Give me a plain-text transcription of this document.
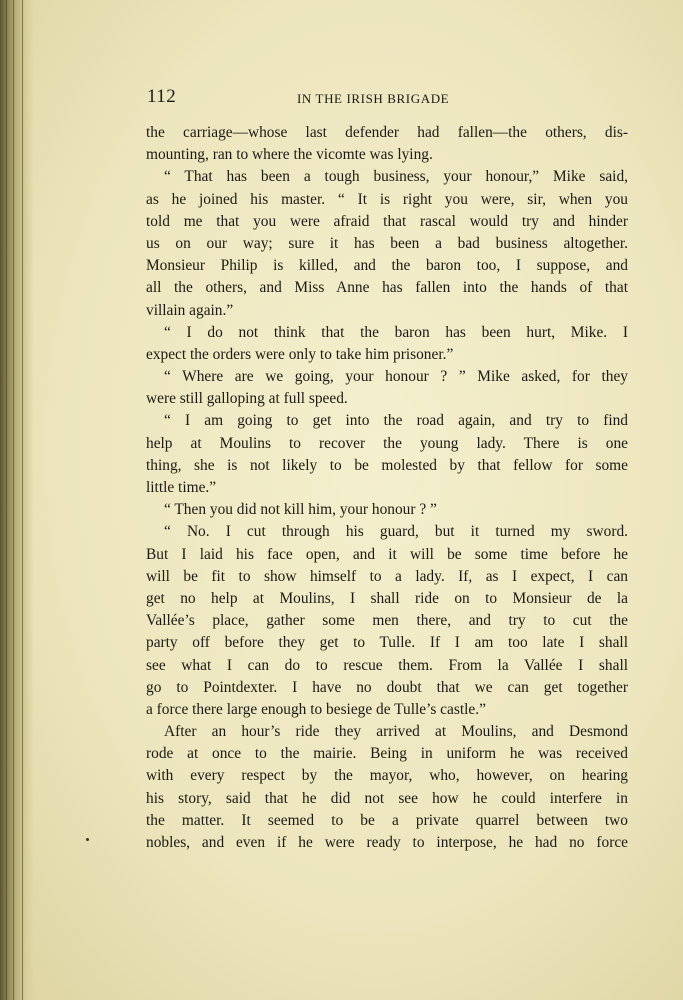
112	IN THE IRISH BRIGADE
the carriage—whose last defender had fallen—the others, dis-
mounting, ran to where the vicomte was lying.
“ That has been a tough business, your honour,” Mike said,
as he joined his master. “ It is right you were, sir, when you
told me that you were afraid that rascal would try and hinder
us on our way; sure it has been a bad business altogether.
Monsieur Philip is killed, and the baron too, I suppose, and
all the others, and Miss Anne has fallen into the hands of that
villain again.”
“ I do not think that the baron has been hurt, Mike. I
expect the orders were only to take him prisoner.”
“ Where are we going, your honour ? ” Mike asked, for they
were still galloping at full speed.
“ I am going to get into the road again, and try to find
help at Moulins to recover the young lady. There is one
thing, she is not likely to be molested by that fellow for some
little time.”
“ Then you did not kill him, your honour ? ”
“ No. I cut through his guard, but it turned my sword.
But I laid his face open, and it will be some time before he
will be fit to show himself to a lady. If, as I expect, I can
get no help at Moulins, I shall ride on to Monsieur de la
Vallée’s place, gather some men there, and try to cut the
party off before they get to Tulle. If I am too late I shall
see what I can do to rescue them. From la Vallée I shall
go to Pointdexter. I have no doubt that we can get together
a force there large enough to besiege de Tulle’s castle.”
After an hour’s ride they arrived at Moulins, and Desmond
rode at once to the mairie. Being in uniform he was received
with every respect by the mayor, who, however, on hearing
his story, said that he did not see how he could interfere in
the matter. It seemed to be a private quarrel between two
nobles, and even if he were ready to interpose, he had no force
